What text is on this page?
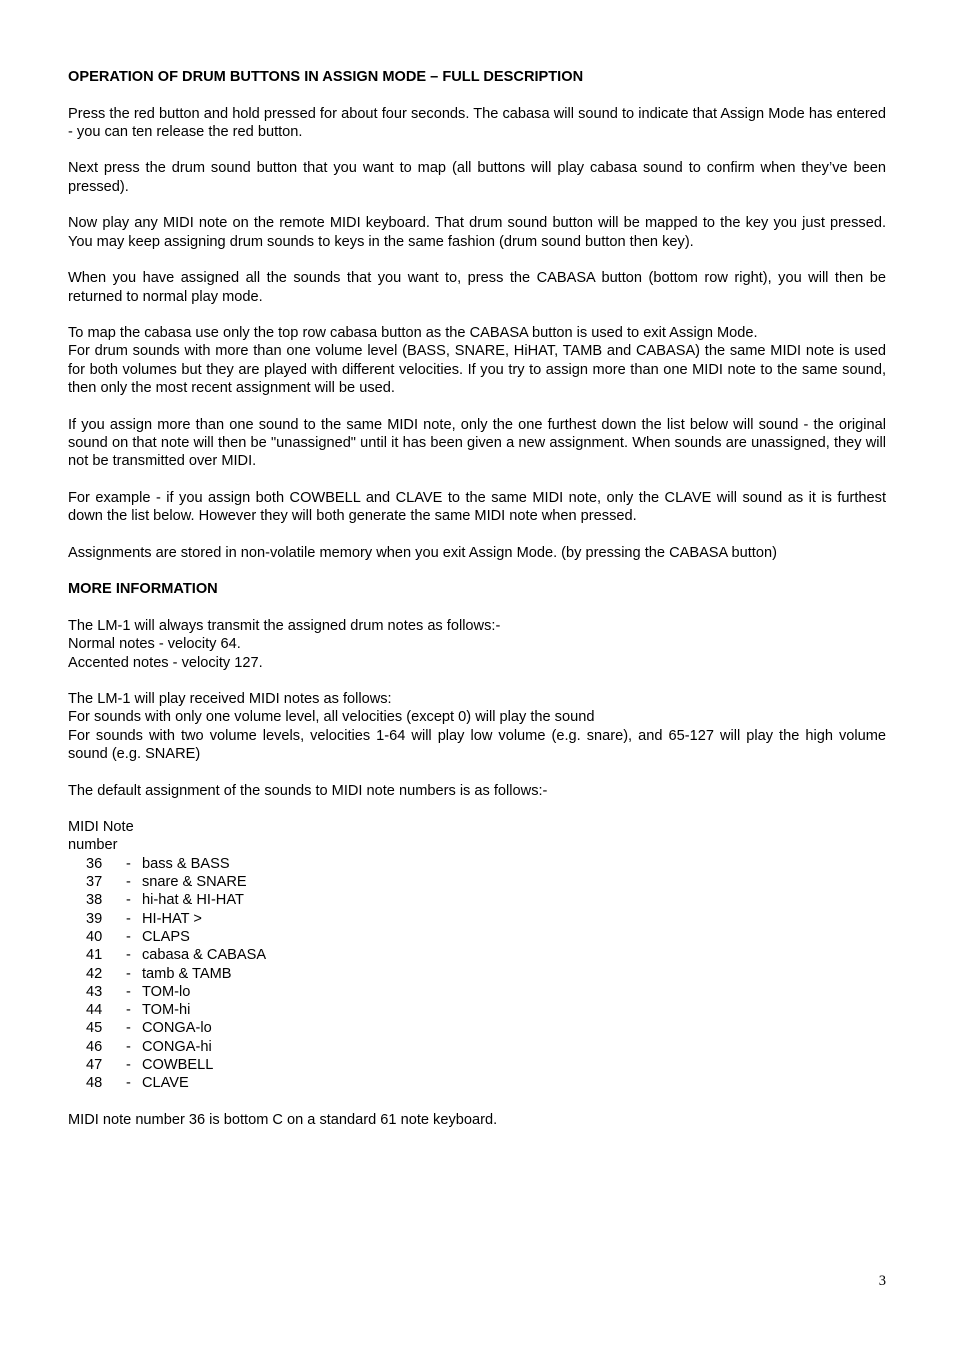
OPERATION OF DRUM BUTTONS IN ASSIGN MODE – FULL DESCRIPTION

Press the red button and hold pressed for about four seconds. The cabasa will sound to indicate that Assign Mode has entered - you can ten release the red button.

Next press the drum sound button that you want to map (all buttons will play cabasa sound to confirm when they’ve been pressed).

Now play any MIDI note on the remote MIDI keyboard. That drum sound button will be mapped to the key you just pressed. You may keep assigning drum sounds to keys in the same fashion (drum sound button then key).

When you have assigned all the sounds that you want to, press the CABASA button (bottom row right), you will then be returned to normal play mode.

To map the cabasa use only the top row cabasa button as the CABASA button is used to exit Assign Mode.
For drum sounds with more than one volume level (BASS, SNARE, HiHAT, TAMB and CABASA) the same MIDI note is used for both volumes but they are played with different velocities. If you try to assign more than one MIDI note to the same sound, then only the most recent assignment will be used.

If you assign more than one sound to the same MIDI note, only the one furthest down the list below will sound - the original sound on that note will then be "unassigned" until it has been given a new assignment. When sounds are unassigned, they will not be transmitted over MIDI.

For example - if you assign both COWBELL and CLAVE to the same MIDI note, only the CLAVE will sound as it is furthest down the list below. However they will both generate the same MIDI note when pressed.

Assignments are stored in non-volatile memory when you exit Assign Mode. (by pressing the CABASA button)

MORE INFORMATION

The LM-1 will always transmit the assigned drum notes as follows:-
Normal notes - velocity 64.
Accented notes - velocity 127.

The LM-1 will play received MIDI notes as follows:
For sounds with only one volume level, all velocities (except 0) will play the sound
For sounds with two volume levels, velocities 1-64 will play low volume (e.g. snare), and 65-127 will play the high volume sound (e.g. SNARE)

The default assignment of the sounds to MIDI note numbers is as follows:-

MIDI Note
number
36 - bass & BASS
37 - snare & SNARE
38 - hi-hat & HI-HAT
39 - HI-HAT >
40 - CLAPS
41 - cabasa & CABASA
42 - tamb & TAMB
43 - TOM-lo
44 - TOM-hi
45 - CONGA-lo
46 - CONGA-hi
47 - COWBELL
48 - CLAVE

MIDI note number 36 is bottom C on a standard 61 note keyboard.

3
